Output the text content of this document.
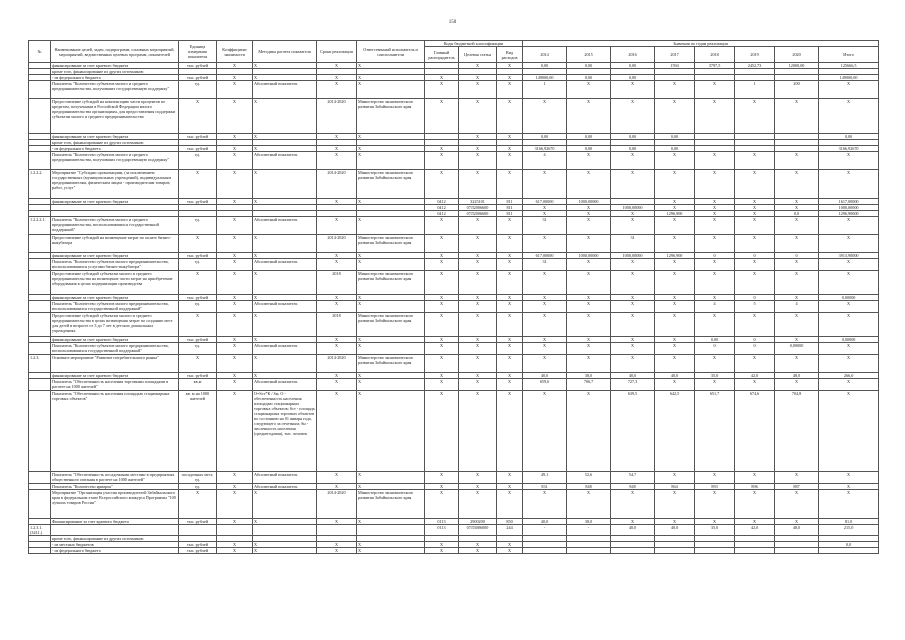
150
№	Наименование целей, задач, подпрограмм, основных мероприятий, мероприятий, ведомственных целевых программ, показателей	Единица измерения показателя	Коэффициент значимости	Методика расчета показателя	Сроки реализации	Ответственный исполнитель и соисполнители	Коды бюджетной классификации			Значения по годам реализации							
							Главный распорядитель	Целевая статья	Вид расходов	2014	2015	2016	2017	2018	2019	2020	Итого
	финансирование за счет краевого бюджета	тыс. рублей	Х	Х	Х	Х		Х	Х	0,00	0,00	0,00	1594	3797,5	2452,73	12000,00	125666,5
	кроме того, финансирование из других источников:																
	- из федерального бюджета	тыс. рублей	Х	Х	Х	Х	Х	Х	Х	149000,00	0,00	0,00					149000,00
	Показатель "Количество субъектов малого и среднего предпринимательства, получивших государственную поддержку"	ед.	Х	Абсолютный показатель	Х	Х	Х	Х	Х	1	Х	Х	Х	Х	1	200	Х
	Предоставление субсидий на компенсацию части процентов по кредитам, полученным в Российской Федерации малого предпринимательства организациям, для предоставления поддержки субъектам малого и среднего предпринимательства	Х	Х	Х	2014-2020	Министерство экономического развития Забайкальского края	Х	Х	Х	Х	Х	Х	Х	Х	Х	Х	Х
	финансирование за счет краевого бюджета	тыс. рублей	Х	Х	Х	Х		Х	Х	0,00	0,00	0,00	0,00				0,00
	кроме того, финансирование из других источников:																
	- из федерального бюджета	тыс. рублей	Х	Х	Х	Х	Х	Х	Х	3166,92670	0,00	0,00	0,00				3166,92670
	Показатель "Количество субъектов малого и среднего предпринимательства, получивших государственную поддержку"	ед.	Х	Абсолютный показатель	Х	Х	Х	Х	Х	4	Х	Х	Х	Х	Х	Х	Х
1.2.2.2.	Мероприятие "Субсидии организациям, (за исключением государственных (муниципальных учреждений), индивидуальным предпринимателям, физическим лицам - производителям товаров, работ, услуг"	Х	Х	Х	2014-2020	Министерство экономического развития Забайкальского края	Х	Х	Х	Х	Х	Х	Х	Х	Х	Х	Х
	финансирование за счет краевого бюджета	тыс. рублей	Х	Х	Х	Х	0412	3225101	811	617,00000	1000,00000		Х	Х	Х	Х	1617,00000
							0412	07Л2006600	811	Х	Х	1000,00000	Х	Х	Х	Х	1000,00000
							0412	07Л2006600	811	Х	Х	Х	1296,900	Х	Х	0,0	1296,90000
1.2.2.2.1.	Показатель "Количество субъектов малого и среднего предпринимательства, воспользовавшихся государственной поддержкой"	ед.	Х	Абсолютный показатель	Х	Х	Х	Х	Х	31	Х	Х	Х	Х	Х	Х	Х
	Предоставление субсидий на возмещение затрат по оплате бизнес-инкубатора	Х	Х	Х	2014-2020	Министерство экономического развития Забайкальского края	Х	Х	Х	Х	Х	31	Х	Х	Х	Х	Х
	финансирование за счет краевого бюджета	тыс. рублей	Х	Х	Х	Х	Х	Х	Х	617,00000	1000,00000	1000,00000	1296,900	0	0	0	3913,90000
	Показатель "Количество субъектов малого предпринимательства, воспользовавшихся услугами бизнес-инкубатора"	ед.	Х	Абсолютный показатель	Х	Х	Х	Х	Х	31	Х	Х	Х	Х	Х	Х	Х
	Предоставление субсидий субъектам малого и среднего предпринимательства на возмещение части затрат на приобретение оборудования в целях модернизации производства	Х	Х	Х	2018	Министерство экономического развития Забайкальского края	Х	Х	Х	Х	Х	Х	Х	Х	Х	Х	Х
	финансирование за счет краевого бюджета	тыс. рублей	Х	Х	Х	Х	Х	Х	Х	Х	Х	Х	Х	Х	0	Х	0,00000
	Показатель "Количество субъектов малого предпринимательства, воспользовавшихся государственной поддержкой"	ед.	Х	Абсолютный показатель	Х	Х	Х	Х	Х	Х	Х	Х	Х	4	5	4	Х
	Предоставление субсидий субъектам малого и среднего предпринимательства в целях возмещения затрат по созданию мест для детей в возрасте от 3 до 7 лет в детских дошкольных учреждениях	Х	Х	Х	2018	Министерство экономического развития Забайкальского края	Х	Х	Х	Х	Х	Х	Х	Х	Х	Х	Х
	финансирование за счет краевого бюджета	тыс. рублей	Х	Х	Х	Х	Х	Х	Х	Х	Х	Х	Х	0,00	0	Х	0,00000
	Показатель "Количество субъектов малого предпринимательства, воспользовавшихся государственной поддержкой"	ед.	Х	Абсолютный показатель	Х	Х	Х	Х	Х	Х	Х	Х	Х	0	0	0,00000	Х
1.2.3.	Основное мероприятие "Развитие потребительского рынка"	Х	Х	Х	2014-2020	Министерство экономического развития Забайкальского края	Х	Х	Х	Х	Х	Х	Х	Х	Х	Х	Х
	финансирование за счет краевого бюджета	тыс. рублей	Х	Х	Х	Х	Х	Х	Х	40,0	38,0	40,0	40,0	35,0	42,0	48,0	266,0
	Показатель "Обеспеченность населения торговыми площадями в расчете на 1000 жителей"	кв.м	Х	Абсолютный показатель	Х	Х	Х	Х	Х	659,6	706,7	727,3	Х	Х	Х	Х	Х
	Показатель "Обеспеченность населения площадью стационарных торговых объектов"	кв. м на 1000 жителей	Х	О=Sст*К / Sн; О - обеспеченность населения площадью стационарных торговых объектов; Sст - площадь стационарных торговых объектов по состоянию на 01 января года, следующего за отчетным; Sн - численность населения (среднегодовая), тыс. человек	Х	Х	Х	Х	Х	Х	Х	639,5	642,5	651,7	674,6	704,8	Х
	Показатель "Обеспеченность посадочными местами в предприятиях общественного питания в расчете на 1000 жителей"	посадочных мест, ед.	Х	Абсолютный показатель	Х	Х	Х	Х	Х	49,1	52,6	54,7	Х	Х	Х	Х	Х
	Показатель "Количество ярмарок"	ед.	Х	Абсолютный показатель	Х	Х	Х	Х	Х	831	848	848	864	893	896	887	Х
	Мероприятие "Организация участия производителей Забайкальского края в федеральном этапе Всероссийского конкурса Программы "100 лучших товаров России"	Х	Х	Х	2014-2020	Министерство экономического развития Забайкальского края	Х	Х	Х	Х	Х	Х	Х	Х	Х	Х	Х
	Финансирование за счет краевого бюджета	тыс. рублей	Х	Х	Х	Х	0113	2900200	850	40,0	38,0	Х	Х	Х	Х	Х	81,0
1.2.3.1.(3411.)							0113	07Л3006000	244	-	-	40,0	40,0	35,0	42,0	48,0	215,0
	кроме того, финансирование из других источников:																
	- из местных бюджетов	тыс. рублей	Х	Х	Х	Х	Х	Х	Х								0,0
	- из федерального бюджета	тыс. рублей	Х	Х	Х	Х	Х	Х	Х								
